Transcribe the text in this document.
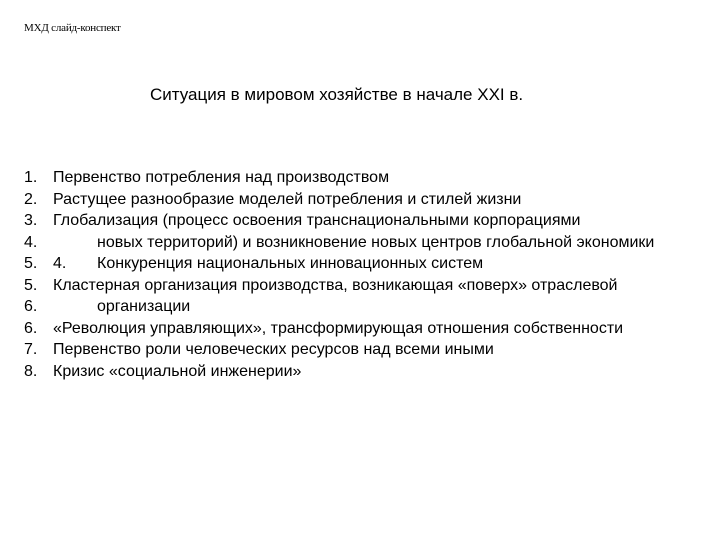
МХД слайд-конспект
Ситуация в мировом хозяйстве в начале XXI в.
1. Первенство потребления над производством
2. Растущее разнообразие моделей потребления и стилей жизни
3. Глобализация (процесс освоения транснациональными корпорациями
4.	новых территорий) и возникновение новых центров глобальной экономики
5. 4.	Конкуренция национальных инновационных систем
5. Кластерная организация производства, возникающая «поверх» отраслевой
6.	организации
6. «Революция управляющих», трансформирующая отношения собственности
7. Первенство роли человеческих ресурсов над всеми иными
8. Кризис «социальной инженерии»
